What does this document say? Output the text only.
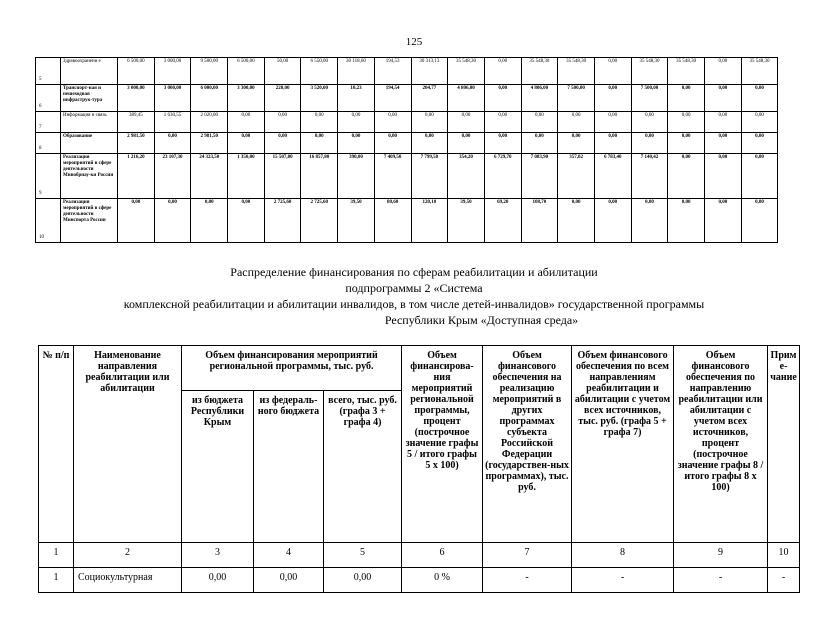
125
5	Здравоохранени е	6 500,00	3 000,00	9 500,00	6 500,00	50,00	6 550,00	30 118,60	194,53	30 313,13	35 548,30	0,00	35 548,30	35 548,30	0,00	35 548,30	35 548,30	0,00	35 548,30
6	Транспорт-ная и пешеходная инфраструк-тура	3 000,00	3 000,00	6 000,00	3 300,00	220,00	3 520,00	10,23	194,54	204,77	4 806,00	0,00	4 806,00	7 500,00	0,00	7 500,00	0,00	0,00	0,00
7	Информация и связь	389,45	1 630,55	2 020,00	0,00	0,00	0,00	0,00	0,00	0,00	0,00	0,00	0,00	0,00	0,00	0,00	0,00	0,00	0,00
8	Образование	2 981,50	0,00	2 981,50	0,00	0,00	0,00	0,00	0,00	0,00	0,00	0,00	0,00	0,00	0,00	0,00	0,00	0,00	0,00
9	Реализация мероприятий в сфере деятельности Минобрнау-ки России	1 216,20	23 107,30	24 323,50	1 350,00	15 507,80	16 857,80	390,00	7 409,50	7 799,50	354,20	6 729,70	7 083,90	357,02	6 783,40	7 140,42	0,00	0,00	0,00
10	Реализация мероприятий в сфере деятельности Минспорта России	0,00	0,00	0,00	0,00	2 725,60	2 725,60	39,50	80,60	120,10	39,50	69,20	108,70	0,00	0,00	0,00	0,00	0,00	0,00
Распределение финансирования по сферам реабилитации и абилитации
подпрограммы 2 «Система
комплексной реабилитации и абилитации инвалидов, в том числе детей-инвалидов» государственной программы
Республики Крым «Доступная среда»
№ п/п	Наименование направления реабилитации или абилитации	Объем финансирования мероприятий региональной программы, тыс. руб.			Объем финансирова-ния мероприятий региональной программы, процент (построчное значение графы 5 / итого графы 5 х 100)	Объем финансового обеспечения на реализацию мероприятий в других программах субъекта Российской Федерации (государствен-ных программах), тыс. руб.	Объем финансового обеспечения по всем направлениям реабилитации и абилитации с учетом всех источников, тыс. руб. (графа 5 + графа 7)	Объем финансового обеспечения по направлению реабилитации или абилитации с учетом всех источников, процент (построчное значение графы 8 / итого графы 8 х 100)	Прим е-чание
		из бюджета Республики Крым	из федераль-ного бюджета	всего, тыс. руб. (графа 3 + графа 4)					
1	2	3	4	5	6	7	8	9	10
1	Социокультурная	0,00	0,00	0,00	0 %	-	-	-	-
